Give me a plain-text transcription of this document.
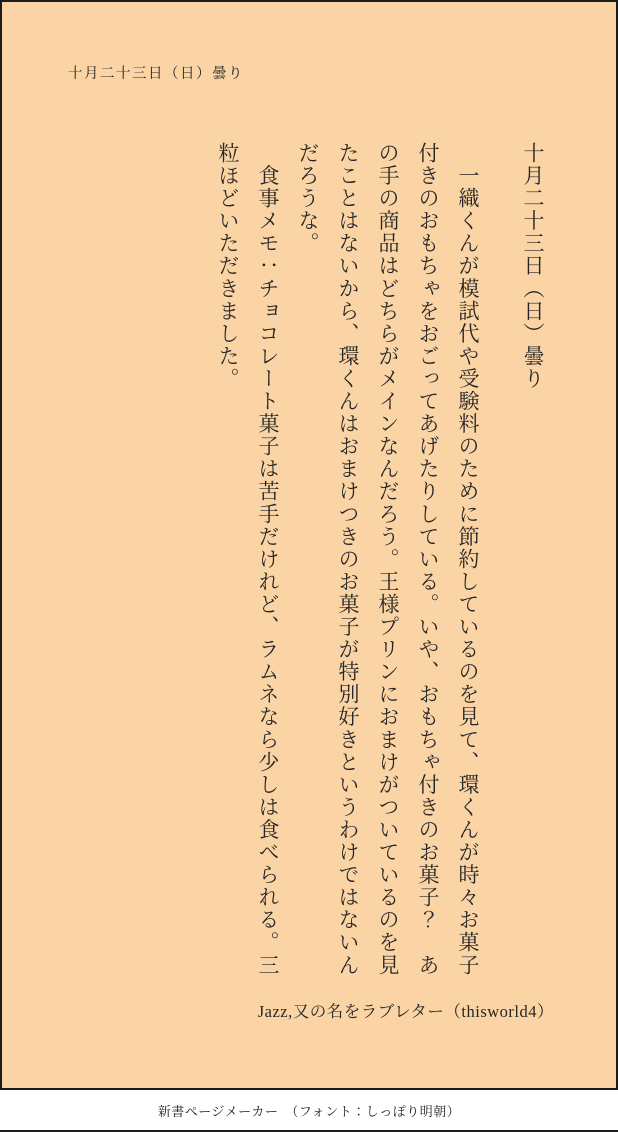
十月二十三日（日）曇り

十月二十三日（日）曇り

　一織くんが模試代や受験料のために節約しているのを見て、環くんが時々お菓子付きのおもちゃをおごってあげたりしている。いや、おもちゃ付きのお菓子？　あの手の商品はどちらがメインなんだろう。王様プリンにおまけがついているのを見たことはないから、環くんはおまけつきのお菓子が特別好きというわけではないんだろうな。

　食事メモ：チョコレート菓子は苦手だけれど、ラムネなら少しは食べられる。三粒ほどいただきました。

Jazz,又の名をラブレター（thisworld4）
新書ページメーカー　（フォント：しっぽり明朝）
